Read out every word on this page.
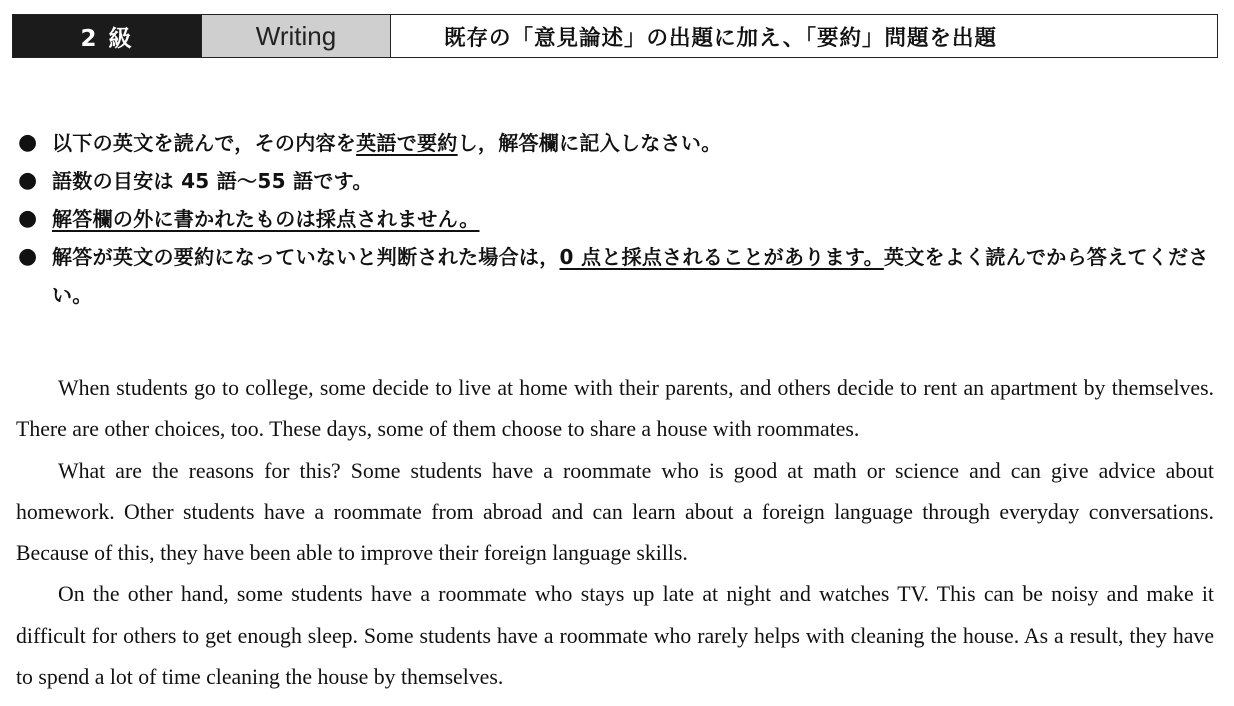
2 級	Writing	既存の「意見論述」の出題に加え、「要約」問題を出題
● 以下の英文を読んで，その内容を英語で要約し，解答欄に記入しなさい。
● 語数の目安は 45 語～55 語です。
● 解答欄の外に書かれたものは採点されません。
● 解答が英文の要約になっていないと判断された場合は，0 点と採点されることがあります。英文をよく読んでから答えてください。

When students go to college, some decide to live at home with their parents, and others decide to rent an apartment by themselves. There are other choices, too. These days, some of them choose to share a house with roommates.

What are the reasons for this? Some students have a roommate who is good at math or science and can give advice about homework. Other students have a roommate from abroad and can learn about a foreign language through everyday conversations. Because of this, they have been able to improve their foreign language skills.

On the other hand, some students have a roommate who stays up late at night and watches TV. This can be noisy and make it difficult for others to get enough sleep. Some students have a roommate who rarely helps with cleaning the house. As a result, they have to spend a lot of time cleaning the house by themselves.
